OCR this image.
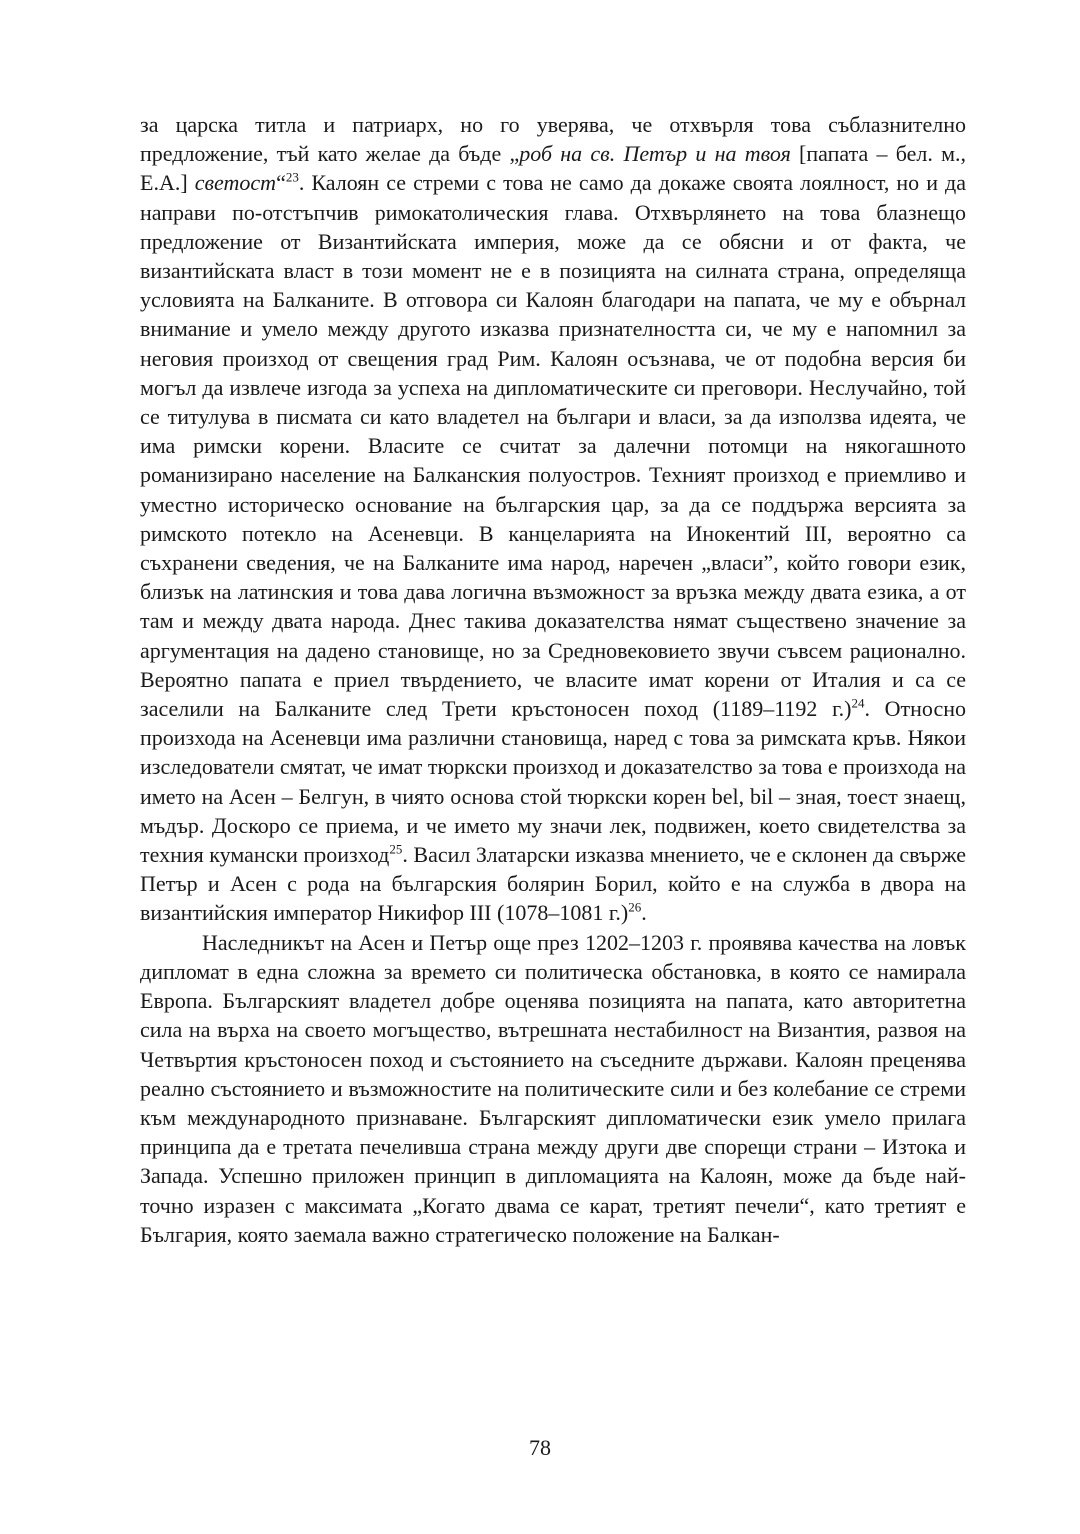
за царска титла и патриарх, но го уверява, че отхвърля това съблазнително предложение, тъй като желае да бъде „роб на св. Петър и на твоя [папата – бел. м., Е.А.] светост“$^{23}$. Калоян се стреми с това не само да докаже своята лоялност, но и да направи по-отстъпчив римокатолическия глава. Отхвърлянето на това блазнещо предложение от Византийската империя, може да се обясни и от факта, че византийската власт в този момент не е в позицията на силната страна, определяща условията на Балканите. В отговора си Калоян благодари на папата, че му е обърнал внимание и умело между другото изказва признателността си, че му е напомнил за неговия произход от свещения град Рим. Калоян осъзнава, че от подобна версия би могъл да извлече изгода за успеха на дипломатическите си преговори. Неслучайно, той се титулува в писмата си като владетел на българи и власи, за да използва идеята, че има римски корени. Власите се считат за далечни потомци на някогашното романизирано население на Балканския полуостров. Техният произход е приемливо и уместно историческо основание на българския цар, за да се поддържа версията за римското потекло на Асеневци. В канцеларията на Инокентий III, вероятно са съхранени сведения, че на Балканите има народ, наречен „власи”, който говори език, близък на латинския и това дава логична възможност за връзка между двата езика, а от там и между двата народа. Днес такива доказателства нямат съществено значение за аргументация на дадено становище, но за Средновековието звучи съвсем рационално. Вероятно папата е приел твърдението, че власите имат корени от Италия и са се заселили на Балканите след Трети кръстоносен поход (1189–1192 г.)$^{24}$. Относно произхода на Асеневци има различни становища, наред с това за римската кръв. Някои изследователи смятат, че имат тюркски произход и доказателство за това е произхода на името на Асен – Белгун, в чиято основа стой тюркски корен bel, bil – зная, тоест знаещ, мъдър. Доскоро се приема, и че името му значи лек, подвижен, което свидетелства за техния кумански произход$^{25}$. Васил Златарски изказва мнението, че е склонен да свърже Петър и Асен с рода на българския болярин Борил, който е на служба в двора на византийския император Никифор III (1078–1081 г.)$^{26}$.

Наследникът на Асен и Петър още през 1202–1203 г. проявява качества на ловък дипломат в една сложна за времето си политическа обстановка, в която се намирала Европа. Българският владетел добре оценява позицията на папата, като авторитетна сила на върха на своето могъщество, вътрешната нестабилност на Византия, развоя на Четвъртия кръстоносен поход и състоянието на съседните държави. Калоян преценява реално състоянието и възможностите на политическите сили и без колебание се стреми към международното признаване. Българският дипломатически език умело прилага принципа да е третата печеливша страна между други две спорещи страни – Изтока и Запада. Успешно приложен принцип в дипломацията на Калоян, може да бъде най-точно изразен с максимата „Когато двама се карат, третият печели“, като третият е България, която заемала важно стратегическо положение на Балкан-

78
